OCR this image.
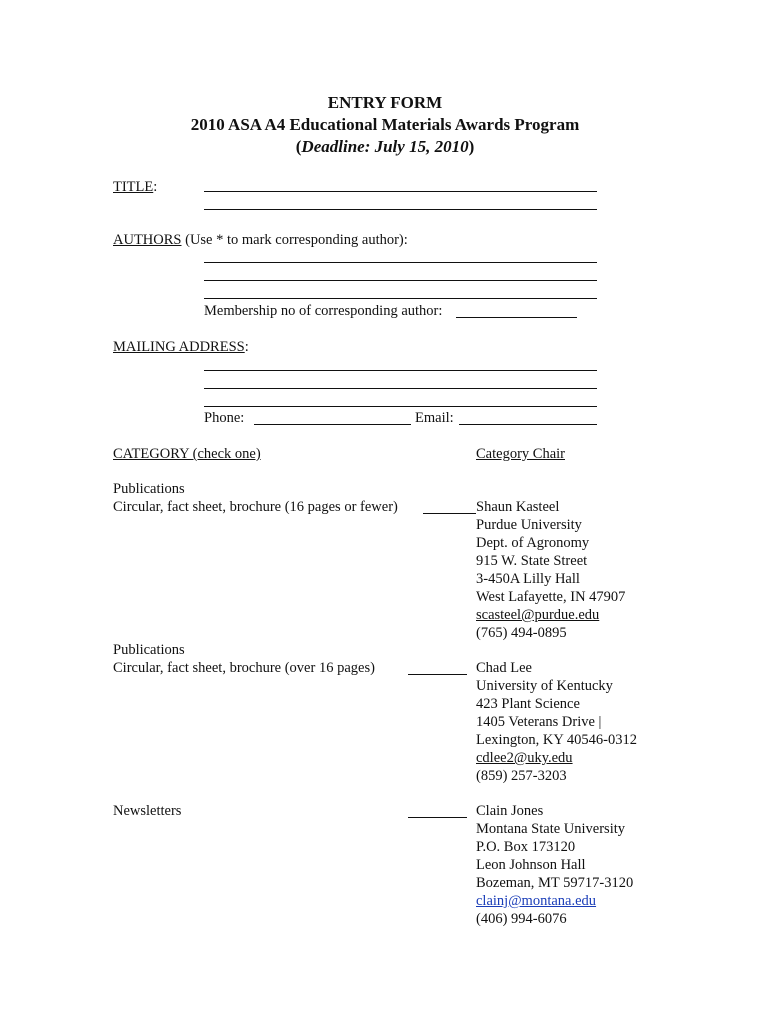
ENTRY FORM
2010 ASA A4 Educational Materials Awards Program
(Deadline: July 15, 2010)
TITLE:
AUTHORS (Use * to mark corresponding author):
Membership no of corresponding author:
MAILING ADDRESS:
Phone:	Email:
CATEGORY (check one)	Category Chair
Publications
Circular, fact sheet, brochure (16 pages or fewer)	Shaun Kasteel
Purdue University
Dept. of Agronomy
915 W. State Street
3-450A Lilly Hall
West Lafayette, IN 47907
scasteel@purdue.edu
(765) 494-0895
Publications
Circular, fact sheet, brochure (over 16 pages)	Chad Lee
University of Kentucky
423 Plant Science
1405 Veterans Drive |
Lexington, KY 40546-0312
cdlee2@uky.edu
(859) 257-3203
Newsletters	Clain Jones
Montana State University
P.O. Box 173120
Leon Johnson Hall
Bozeman, MT 59717-3120
clainj@montana.edu
(406) 994-6076
